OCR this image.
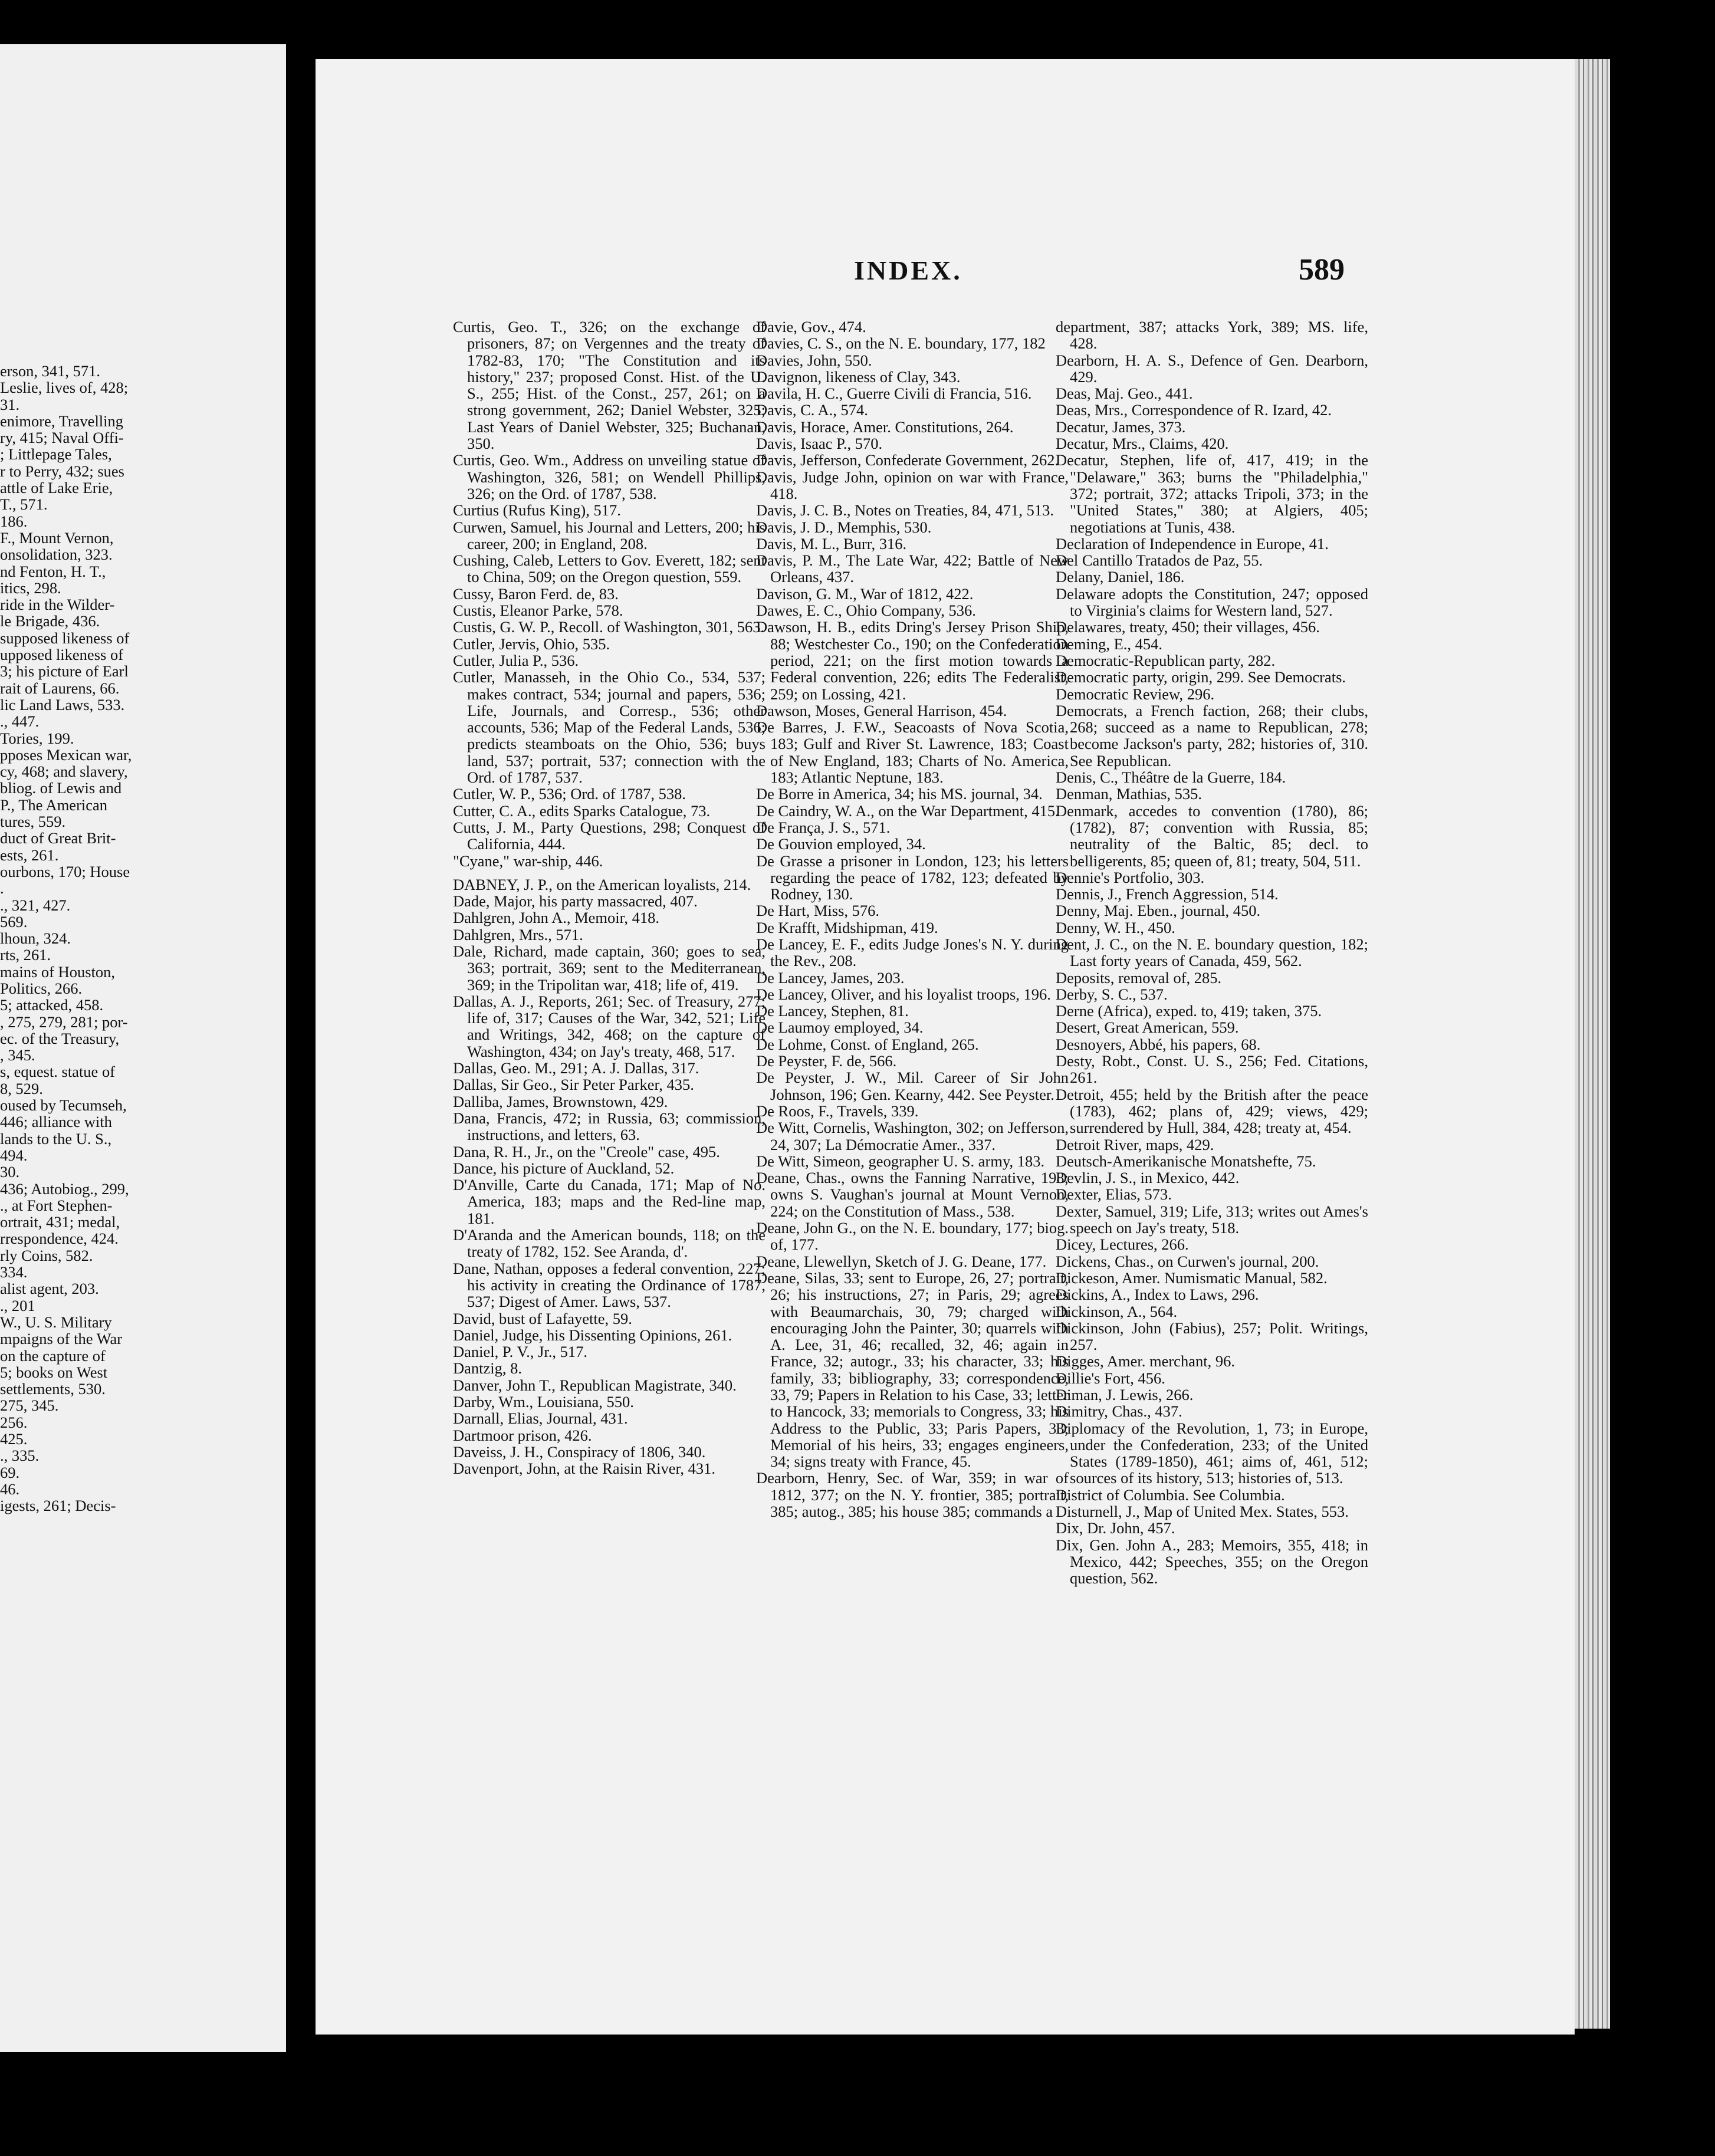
erson, 341, 571.
Leslie, lives of, 428;
31.
enimore, Travelling
ry, 415; Naval Offi-
; Littlepage Tales,
r to Perry, 432; sues
attle of Lake Erie,
T., 571.
186.
F., Mount Vernon,
onsolidation, 323.
nd Fenton, H. T.,
itics, 298.
ride in the Wilder-
le Brigade, 436.
supposed likeness of
upposed likeness of
3; his picture of Earl
rait of Laurens, 66.
lic Land Laws, 533.
., 447.
Tories, 199.
pposes Mexican war,
cy, 468; and slavery,
bliog. of Lewis and
P., The American
tures, 559.
duct of Great Brit-
ests, 261.
ourbons, 170; House
.
., 321, 427.
569.
lhoun, 324.
rts, 261.
mains of Houston,
Politics, 266.
5; attacked, 458.
, 275, 279, 281; por-
ec. of the Treasury,
, 345.
s, equest. statue of
8, 529.
oused by Tecumseh,
446; alliance with
lands to the U. S.,
494.
30.
436; Autobiog., 299,
., at Fort Stephen-
ortrait, 431; medal,
rrespondence, 424.
rly Coins, 582.
334.
alist agent, 203.
., 201
W., U. S. Military
mpaigns of the War
on the capture of
5; books on West
settlements, 530.
275, 345.
256.
425.
., 335.
69.
46.
igests, 261; Decis-
INDEX.	589

Curtis, Geo. T., 326; on the exchange of prisoners, 87; on Vergennes and the treaty of 1782-83, 170; "The Constitution and its history," 237; proposed Const. Hist. of the U. S., 255; Hist. of the Const., 257, 261; on a strong government, 262; Daniel Webster, 325; Last Years of Daniel Webster, 325; Buchanan, 350.

Curtis, Geo. Wm., Address on unveiling statue of Washington, 326, 581; on Wendell Phillips, 326; on the Ord. of 1787, 538.

Curtius (Rufus King), 517.

Curwen, Samuel, his Journal and Letters, 200; his career, 200; in England, 208.

Cushing, Caleb, Letters to Gov. Everett, 182; sent to China, 509; on the Oregon question, 559.

Cussy, Baron Ferd. de, 83.

Custis, Eleanor Parke, 578.

Custis, G. W. P., Recoll. of Washington, 301, 563.

Cutler, Jervis, Ohio, 535.

Cutler, Julia P., 536.

Cutler, Manasseh, in the Ohio Co., 534, 537; makes contract, 534; journal and papers, 536; Life, Journals, and Corresp., 536; other accounts, 536; Map of the Federal Lands, 536; predicts steamboats on the Ohio, 536; buys land, 537; portrait, 537; connection with the Ord. of 1787, 537.

Cutler, W. P., 536; Ord. of 1787, 538.

Cutter, C. A., edits Sparks Catalogue, 73.

Cutts, J. M., Party Questions, 298; Conquest of California, 444.

"Cyane," war-ship, 446.

DABNEY, J. P., on the American loyalists, 214.

Dade, Major, his party massacred, 407.

Dahlgren, John A., Memoir, 418.

Dahlgren, Mrs., 571.

Dale, Richard, made captain, 360; goes to sea, 363; portrait, 369; sent to the Mediterranean, 369; in the Tripolitan war, 418; life of, 419.

Dallas, A. J., Reports, 261; Sec. of Treasury, 277; life of, 317; Causes of the War, 342, 521; Life and Writings, 342, 468; on the capture of Washington, 434; on Jay's treaty, 468, 517.

Dallas, Geo. M., 291; A. J. Dallas, 317.

Dallas, Sir Geo., Sir Peter Parker, 435.

Dalliba, James, Brownstown, 429.

Dana, Francis, 472; in Russia, 63; commission, instructions, and letters, 63.

Dana, R. H., Jr., on the "Creole" case, 495.

Dance, his picture of Auckland, 52.

D'Anville, Carte du Canada, 171; Map of No. America, 183; maps and the Red-line map, 181.

D'Aranda and the American bounds, 118; on the treaty of 1782, 152. See Aranda, d'.

Dane, Nathan, opposes a federal convention, 227; his activity in creating the Ordinance of 1787, 537; Digest of Amer. Laws, 537.

David, bust of Lafayette, 59.

Daniel, Judge, his Dissenting Opinions, 261.

Daniel, P. V., Jr., 517.

Dantzig, 8.

Danver, John T., Republican Magistrate, 340.

Darby, Wm., Louisiana, 550.

Darnall, Elias, Journal, 431.

Dartmoor prison, 426.

Daveiss, J. H., Conspiracy of 1806, 340.

Davenport, John, at the Raisin River, 431.

Davie, Gov., 474.

Davies, C. S., on the N. E. boundary, 177, 182

Davies, John, 550.

Davignon, likeness of Clay, 343.

Davila, H. C., Guerre Civili di Francia, 516.

Davis, C. A., 574.

Davis, Horace, Amer. Constitutions, 264.

Davis, Isaac P., 570.

Davis, Jefferson, Confederate Government, 262.

Davis, Judge John, opinion on war with France, 418.

Davis, J. C. B., Notes on Treaties, 84, 471, 513.

Davis, J. D., Memphis, 530.

Davis, M. L., Burr, 316.

Davis, P. M., The Late War, 422; Battle of New Orleans, 437.

Davison, G. M., War of 1812, 422.

Dawes, E. C., Ohio Company, 536.

Dawson, H. B., edits Dring's Jersey Prison Ship, 88; Westchester Co., 190; on the Confederation period, 221; on the first motion towards a Federal convention, 226; edits The Federalist, 259; on Lossing, 421.

Dawson, Moses, General Harrison, 454.

De Barres, J. F.W., Seacoasts of Nova Scotia, 183; Gulf and River St. Lawrence, 183; Coast of New England, 183; Charts of No. America, 183; Atlantic Neptune, 183.

De Borre in America, 34; his MS. journal, 34.

De Caindry, W. A., on the War Department, 415.

De França, J. S., 571.

De Gouvion employed, 34.

De Grasse a prisoner in London, 123; his letters regarding the peace of 1782, 123; defeated by Rodney, 130.

De Hart, Miss, 576.

De Krafft, Midshipman, 419.

De Lancey, E. F., edits Judge Jones's N. Y. during the Rev., 208.

De Lancey, James, 203.

De Lancey, Oliver, and his loyalist troops, 196.

De Lancey, Stephen, 81.

De Laumoy employed, 34.

De Lohme, Const. of England, 265.

De Peyster, F. de, 566.

De Peyster, J. W., Mil. Career of Sir John Johnson, 196; Gen. Kearny, 442. See Peyster.

De Roos, F., Travels, 339.

De Witt, Cornelis, Washington, 302; on Jefferson, 24, 307; La Démocratie Amer., 337.

De Witt, Simeon, geographer U. S. army, 183.

Deane, Chas., owns the Fanning Narrative, 198; owns S. Vaughan's journal at Mount Vernon, 224; on the Constitution of Mass., 538.

Deane, John G., on the N. E. boundary, 177; biog. of, 177.

Deane, Llewellyn, Sketch of J. G. Deane, 177.

Deane, Silas, 33; sent to Europe, 26, 27; portrait, 26; his instructions, 27; in Paris, 29; agrees with Beaumarchais, 30, 79; charged with encouraging John the Painter, 30; quarrels with A. Lee, 31, 46; recalled, 32, 46; again in France, 32; autogr., 33; his character, 33; his family, 33; bibliography, 33; correspondence, 33, 79; Papers in Relation to his Case, 33; letter to Hancock, 33; memorials to Congress, 33; his Address to the Public, 33; Paris Papers, 33; Memorial of his heirs, 33; engages engineers, 34; signs treaty with France, 45.

Dearborn, Henry, Sec. of War, 359; in war of 1812, 377; on the N. Y. frontier, 385; portrait, 385; autog., 385; his house 385; commands a

department, 387; attacks York, 389; MS. life, 428.

Dearborn, H. A. S., Defence of Gen. Dearborn, 429.

Deas, Maj. Geo., 441.

Deas, Mrs., Correspondence of R. Izard, 42.

Decatur, James, 373.

Decatur, Mrs., Claims, 420.

Decatur, Stephen, life of, 417, 419; in the "Delaware," 363; burns the "Philadelphia," 372; portrait, 372; attacks Tripoli, 373; in the "United States," 380; at Algiers, 405; negotiations at Tunis, 438.

Declaration of Independence in Europe, 41.

Del Cantillo Tratados de Paz, 55.

Delany, Daniel, 186.

Delaware adopts the Constitution, 247; opposed to Virginia's claims for Western land, 527.

Delawares, treaty, 450; their villages, 456.

Deming, E., 454.

Democratic-Republican party, 282.

Democratic party, origin, 299. See Democrats.

Democratic Review, 296.

Democrats, a French faction, 268; their clubs, 268; succeed as a name to Republican, 278; become Jackson's party, 282; histories of, 310. See Republican.

Denis, C., Théâtre de la Guerre, 184.

Denman, Mathias, 535.

Denmark, accedes to convention (1780), 86; (1782), 87; convention with Russia, 85; neutrality of the Baltic, 85; decl. to belligerents, 85; queen of, 81; treaty, 504, 511.

Dennie's Portfolio, 303.

Dennis, J., French Aggression, 514.

Denny, Maj. Eben., journal, 450.

Denny, W. H., 450.

Dent, J. C., on the N. E. boundary question, 182; Last forty years of Canada, 459, 562.

Deposits, removal of, 285.

Derby, S. C., 537.

Derne (Africa), exped. to, 419; taken, 375.

Desert, Great American, 559.

Desnoyers, Abbé, his papers, 68.

Desty, Robt., Const. U. S., 256; Fed. Citations, 261.

Detroit, 455; held by the British after the peace (1783), 462; plans of, 429; views, 429; surrendered by Hull, 384, 428; treaty at, 454.

Detroit River, maps, 429.

Deutsch-Amerikanische Monatshefte, 75.

Devlin, J. S., in Mexico, 442.

Dexter, Elias, 573.

Dexter, Samuel, 319; Life, 313; writes out Ames's speech on Jay's treaty, 518.

Dicey, Lectures, 266.

Dickens, Chas., on Curwen's journal, 200.

Dickeson, Amer. Numismatic Manual, 582.

Dickins, A., Index to Laws, 296.

Dickinson, A., 564.

Dickinson, John (Fabius), 257; Polit. Writings, 257.

Digges, Amer. merchant, 96.

Dillie's Fort, 456.

Diman, J. Lewis, 266.

Dimitry, Chas., 437.

Diplomacy of the Revolution, 1, 73; in Europe, under the Confederation, 233; of the United States (1789-1850), 461; aims of, 461, 512; sources of its history, 513; histories of, 513.

District of Columbia. See Columbia.

Disturnell, J., Map of United Mex. States, 553.

Dix, Dr. John, 457.

Dix, Gen. John A., 283; Memoirs, 355, 418; in Mexico, 442; Speeches, 355; on the Oregon question, 562.
